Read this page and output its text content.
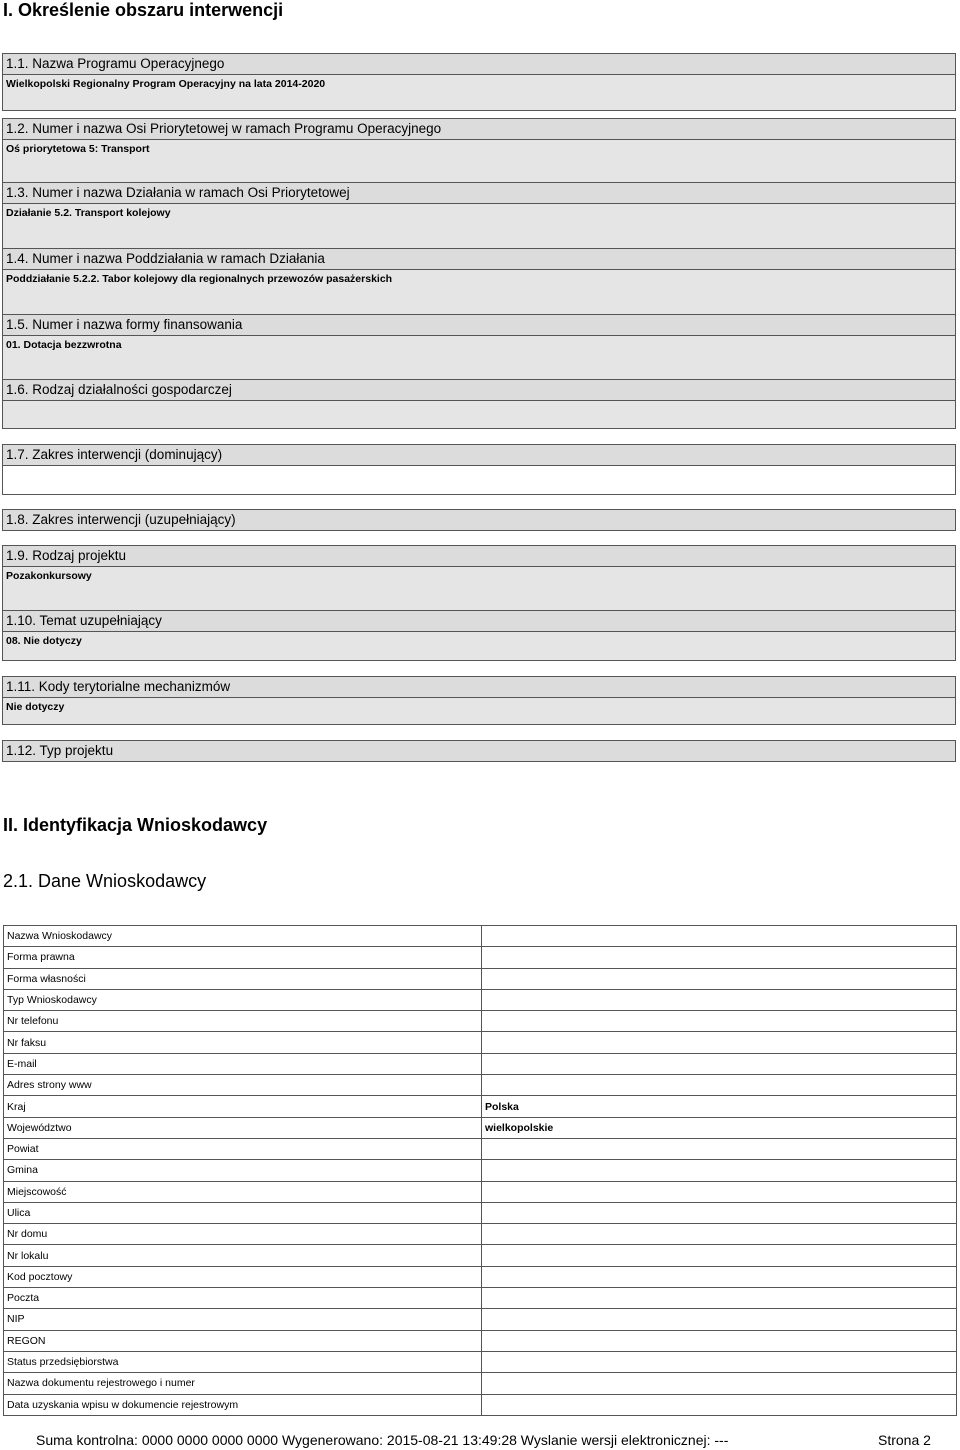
I. Określenie obszaru interwencji
1.1. Nazwa Programu Operacyjnego
Wielkopolski Regionalny Program Operacyjny na lata 2014-2020
1.2. Numer i nazwa Osi Priorytetowej w ramach Programu Operacyjnego
Oś priorytetowa 5: Transport
1.3. Numer i nazwa Działania w ramach Osi Priorytetowej
Działanie 5.2. Transport kolejowy
1.4. Numer i nazwa Poddziałania w ramach Działania
Poddziałanie 5.2.2. Tabor kolejowy dla regionalnych przewozów pasażerskich
1.5. Numer i nazwa formy finansowania
01. Dotacja bezzwrotna
1.6. Rodzaj działalności gospodarczej
1.7. Zakres interwencji (dominujący)
1.8. Zakres interwencji (uzupełniający)
1.9. Rodzaj projektu
Pozakonkursowy
1.10. Temat uzupełniający
08. Nie dotyczy
1.11. Kody terytorialne mechanizmów
Nie dotyczy
1.12. Typ projektu
II. Identyfikacja Wnioskodawcy
2.1. Dane Wnioskodawcy
Nazwa Wnioskodawcy	
Forma prawna	
Forma własności	
Typ Wnioskodawcy	
Nr telefonu	
Nr faksu	
E-mail	
Adres strony www	
Kraj	Polska
Województwo	wielkopolskie
Powiat	
Gmina	
Miejscowość	
Ulica	
Nr domu	
Nr lokalu	
Kod pocztowy	
Poczta	
NIP	
REGON	
Status przedsiębiorstwa	
Nazwa dokumentu rejestrowego i numer	
Data uzyskania wpisu w dokumencie rejestrowym	
Suma kontrolna: 0000 0000 0000 0000 Wygenerowano: 2015-08-21 13:49:28 Wyslanie wersji elektronicznej: ---	Strona 2
